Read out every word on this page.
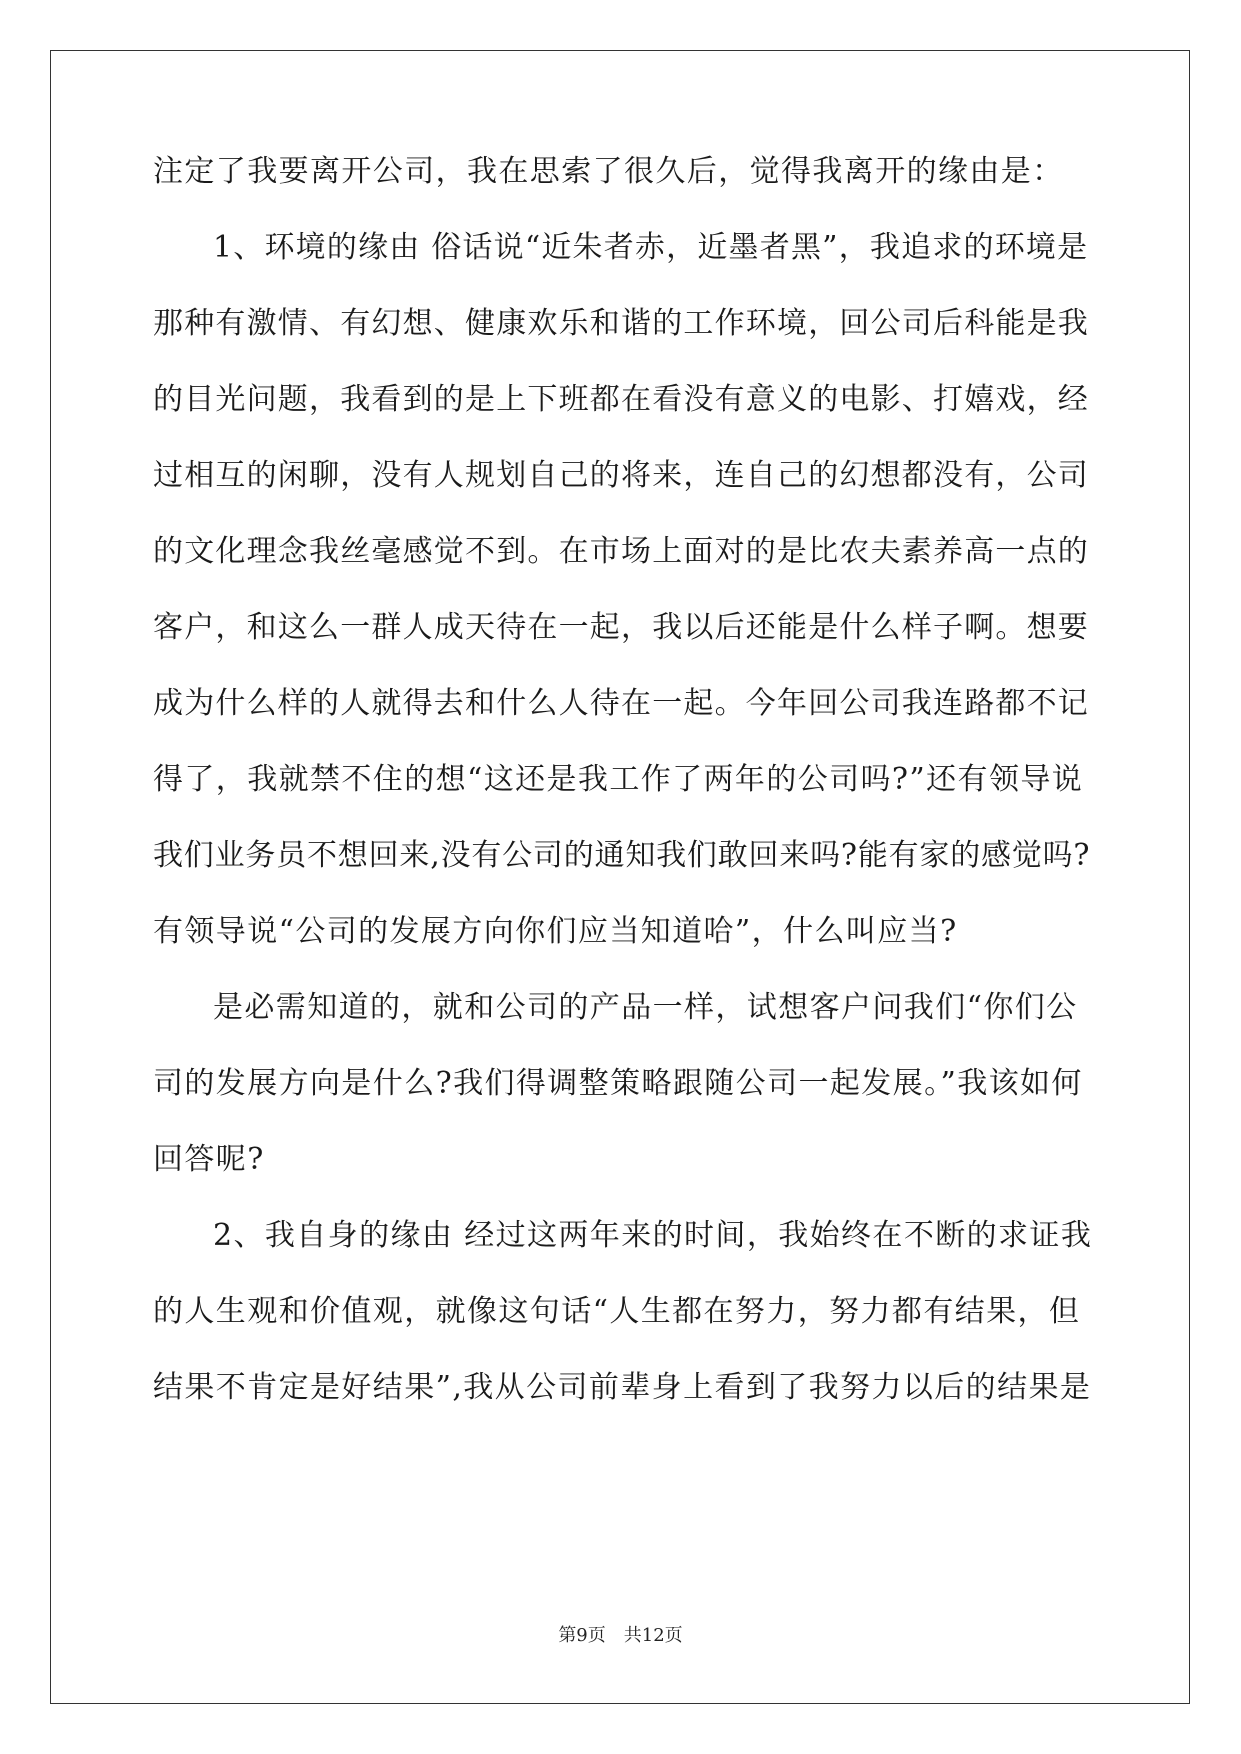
注定了我要离开公司，我在思索了很久后，觉得我离开的缘由是：
1、环境的缘由 俗话说“近朱者赤，近墨者黑”，我追求的环境是
那种有激情、有幻想、健康欢乐和谐的工作环境，回公司后科能是我
的目光问题，我看到的是上下班都在看没有意义的电影、打嬉戏，经
过相互的闲聊，没有人规划自己的将来，连自己的幻想都没有，公司
的文化理念我丝毫感觉不到。在市场上面对的是比农夫素养高一点的
客户，和这么一群人成天待在一起，我以后还能是什么样子啊。想要
成为什么样的人就得去和什么人待在一起。今年回公司我连路都不记
得了，我就禁不住的想“这还是我工作了两年的公司吗?”还有领导说
我们业务员不想回来,没有公司的通知我们敢回来吗?能有家的感觉吗?
有领导说“公司的发展方向你们应当知道哈”，什么叫应当?
是必需知道的，就和公司的产品一样，试想客户问我们“你们公
司的发展方向是什么?我们得调整策略跟随公司一起发展。”我该如何
回答呢?
2、我自身的缘由 经过这两年来的时间，我始终在不断的求证我
的人生观和价值观，就像这句话“人生都在努力，努力都有结果，但
结果不肯定是好结果”,我从公司前辈身上看到了我努力以后的结果是
第9页 共12页
